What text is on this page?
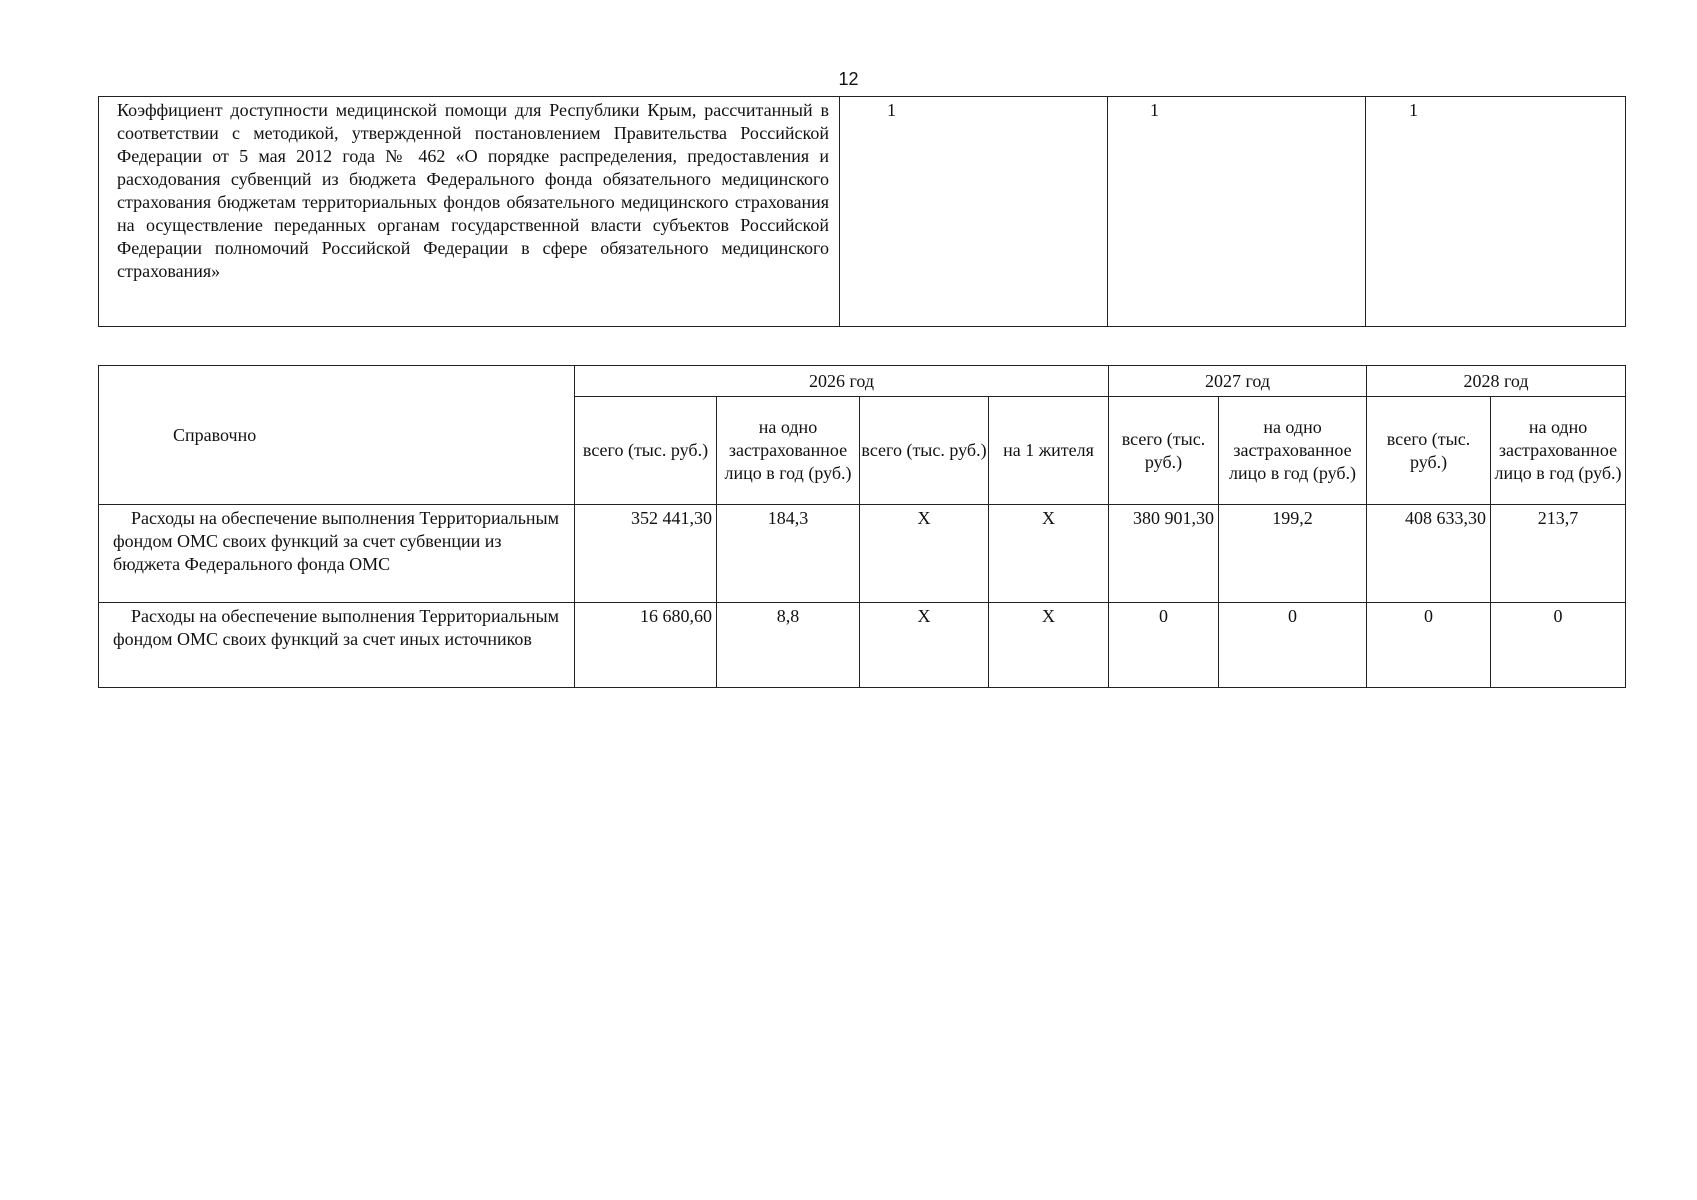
12
Коэффициент доступности медицинской помощи для Республики Крым, рассчитанный в соответствии с методикой, утвержденной постановлением Правительства Российской Федерации от 5 мая 2012 года № 462 «О порядке распределения, предоставления и расходования субвенций из бюджета Федерального фонда обязательного медицинского страхования бюджетам территориальных фондов обязательного медицинского страхования на осуществление переданных органам государственной власти субъектов Российской Федерации полномочий Российской Федерации в сфере обязательного медицинского страхования»	1	1	1
Справочно	2026 год				2027 год		2028 год	
	всего (тыс. руб.)	на одно застрахованное лицо в год (руб.)	всего (тыс. руб.)	на 1 жителя	всего (тыс. руб.)	на одно застрахованное лицо в год (руб.)	всего (тыс. руб.)	на одно застрахованное лицо в год (руб.)
Расходы на обеспечение выполнения Территориальным фондом ОМС своих функций за счет субвенции из бюджета Федерального фонда ОМС	352 441,30	184,3	X	X	380 901,30	199,2	408 633,30	213,7
Расходы на обеспечение выполнения Территориальным фондом ОМС своих функций за счет иных источников	16 680,60	8,8	X	X	0	0	0	0
